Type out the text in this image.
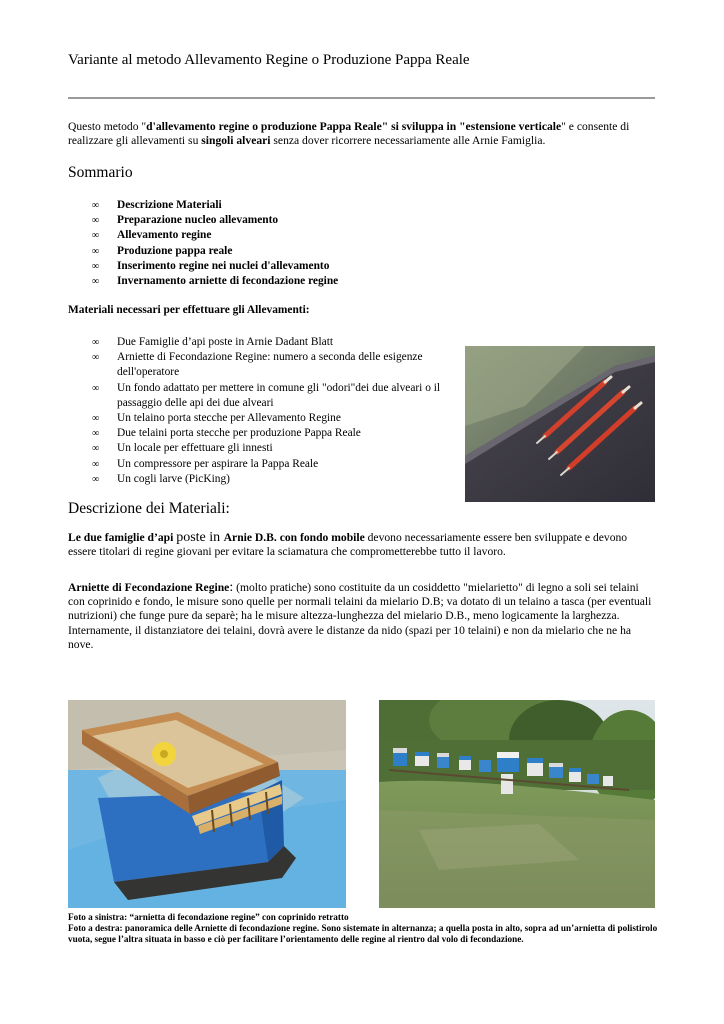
Variante al metodo Allevamento Regine o Produzione Pappa Reale
Questo metodo "d'allevamento regine o produzione Pappa Reale" si sviluppa in "estensione verticale" e consente di realizzare gli allevamenti su singoli alveari senza dover ricorrere necessariamente alle Arnie Famiglia.
Sommario
∞ Descrizione Materiali
∞ Preparazione nucleo allevamento
∞ Allevamento regine
∞ Produzione pappa reale
∞ Inserimento regine nei nuclei d'allevamento
∞ Invernamento arniette di fecondazione regine
Materiali necessari per effettuare gli Allevamenti:
∞ Due Famiglie d’api poste in Arnie Dadant Blatt
∞ Arniette di Fecondazione Regine: numero a seconda delle esigenze dell'operatore
∞ Un fondo adattato per mettere in comune gli "odori"dei due alveari o il passaggio delle api dei due alveari
∞ Un telaino porta stecche per Allevamento Regine
∞ Due telaini porta stecche per produzione Pappa Reale
∞ Un locale per effettuare gli innesti
∞ Un compressore per aspirare la Pappa Reale
∞ Un cogli larve (PicKing)
Descrizione dei Materiali:
Le due famiglie d’api poste in Arnie D.B. con fondo mobile devono necessariamente essere ben sviluppate e devono essere titolari di regine giovani per evitare la sciamatura che comprometterebbe tutto il lavoro.
Arniette di Fecondazione Regine: (molto pratiche) sono costituite da un cosiddetto "mielarietto" di legno a soli sei telaini con coprinido e fondo, le misure sono quelle per normali telaini da mielario D.B; va dotato di un telaino a tasca (per eventuali nutrizioni) che funge pure da separè; ha le misure altezza-lunghezza del mielario D.B., meno logicamente la larghezza. Internamente, il distanziatore dei telaini, dovrà avere le distanze da nido (spazi per 10 telaini) e non da mielario che ne ha nove.
Foto a sinistra: “arnietta di fecondazione regine” con coprinido retratto
Foto a destra: panoramica delle Arniette di fecondazione regine. Sono sistemate in alternanza; a quella posta in alto, sopra ad un’arnietta di polistirolo vuota, segue l’altra situata in basso e ciò per facilitare l’orientamento delle regine al rientro dal volo di fecondazione.
